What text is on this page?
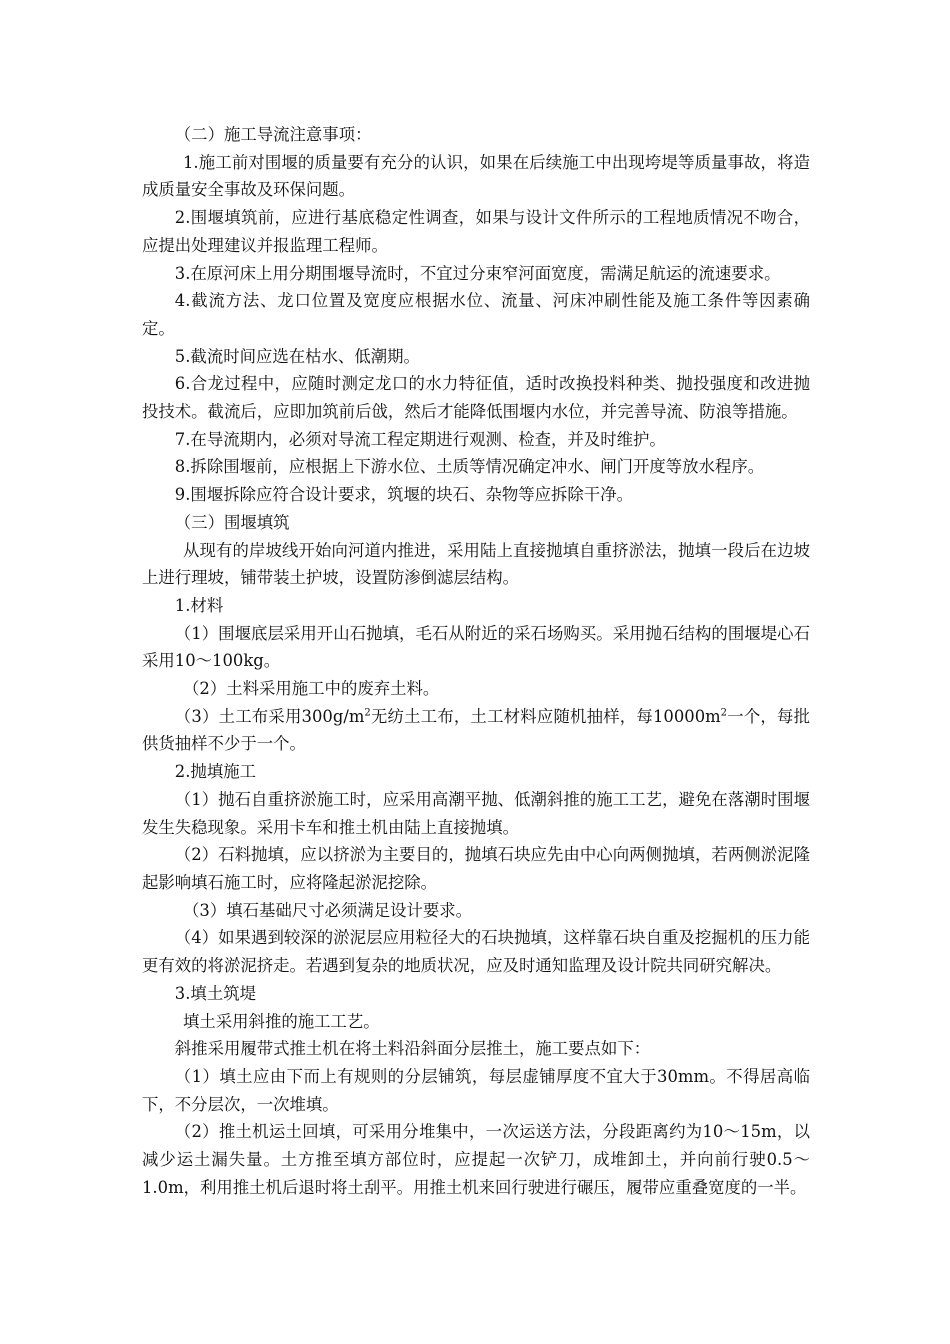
（二）施工导流注意事项：

1.施工前对围堰的质量要有充分的认识，如果在后续施工中出现垮堤等质量事故，将造成质量安全事故及环保问题。

2.围堰填筑前，应进行基底稳定性调查，如果与设计文件所示的工程地质情况不吻合，应提出处理建议并报监理工程师。

3.在原河床上用分期围堰导流时，不宜过分束窄河面宽度，需满足航运的流速要求。

4.截流方法、龙口位置及宽度应根据水位、流量、河床冲刷性能及施工条件等因素确定。

5.截流时间应选在枯水、低潮期。

6.合龙过程中，应随时测定龙口的水力特征值，适时改换投料种类、抛投强度和改进抛投技术。截流后，应即加筑前后戗，然后才能降低围堰内水位，并完善导流、防浪等措施。

7.在导流期内，必须对导流工程定期进行观测、检查，并及时维护。

8.拆除围堰前，应根据上下游水位、土质等情况确定冲水、闸门开度等放水程序。

9.围堰拆除应符合设计要求，筑堰的块石、杂物等应拆除干净。

（三）围堰填筑

从现有的岸坡线开始向河道内推进，采用陆上直接抛填自重挤淤法，抛填一段后在边坡上进行理坡，铺带装土护坡，设置防渗倒滤层结构。

1.材料

（1）围堰底层采用开山石抛填，毛石从附近的采石场购买。采用抛石结构的围堰堤心石采用10～100kg。

（2）土料采用施工中的废弃土料。

（3）土工布采用$300g/m^2$无纺土工布，土工材料应随机抽样，每$10000m^2$一个，每批供货抽样不少于一个。

2.抛填施工

（1）抛石自重挤淤施工时，应采用高潮平抛、低潮斜推的施工工艺，避免在落潮时围堰发生失稳现象。采用卡车和推土机由陆上直接抛填。

（2）石料抛填，应以挤淤为主要目的，抛填石块应先由中心向两侧抛填，若两侧淤泥隆起影响填石施工时，应将隆起淤泥挖除。

（3）填石基础尺寸必须满足设计要求。

（4）如果遇到较深的淤泥层应用粒径大的石块抛填，这样靠石块自重及挖掘机的压力能更有效的将淤泥挤走。若遇到复杂的地质状况，应及时通知监理及设计院共同研究解决。

3.填土筑堤

填土采用斜推的施工工艺。

斜推采用履带式推土机在将土料沿斜面分层推土，施工要点如下：

（1）填土应由下而上有规则的分层铺筑，每层虚铺厚度不宜大于30mm。不得居高临下，不分层次，一次堆填。

（2）推土机运土回填，可采用分堆集中，一次运送方法，分段距离约为10～15m，以减少运土漏失量。土方推至填方部位时，应提起一次铲刀，成堆卸土，并向前行驶0.5～1.0m，利用推土机后退时将土刮平。用推土机来回行驶进行碾压，履带应重叠宽度的一半。
